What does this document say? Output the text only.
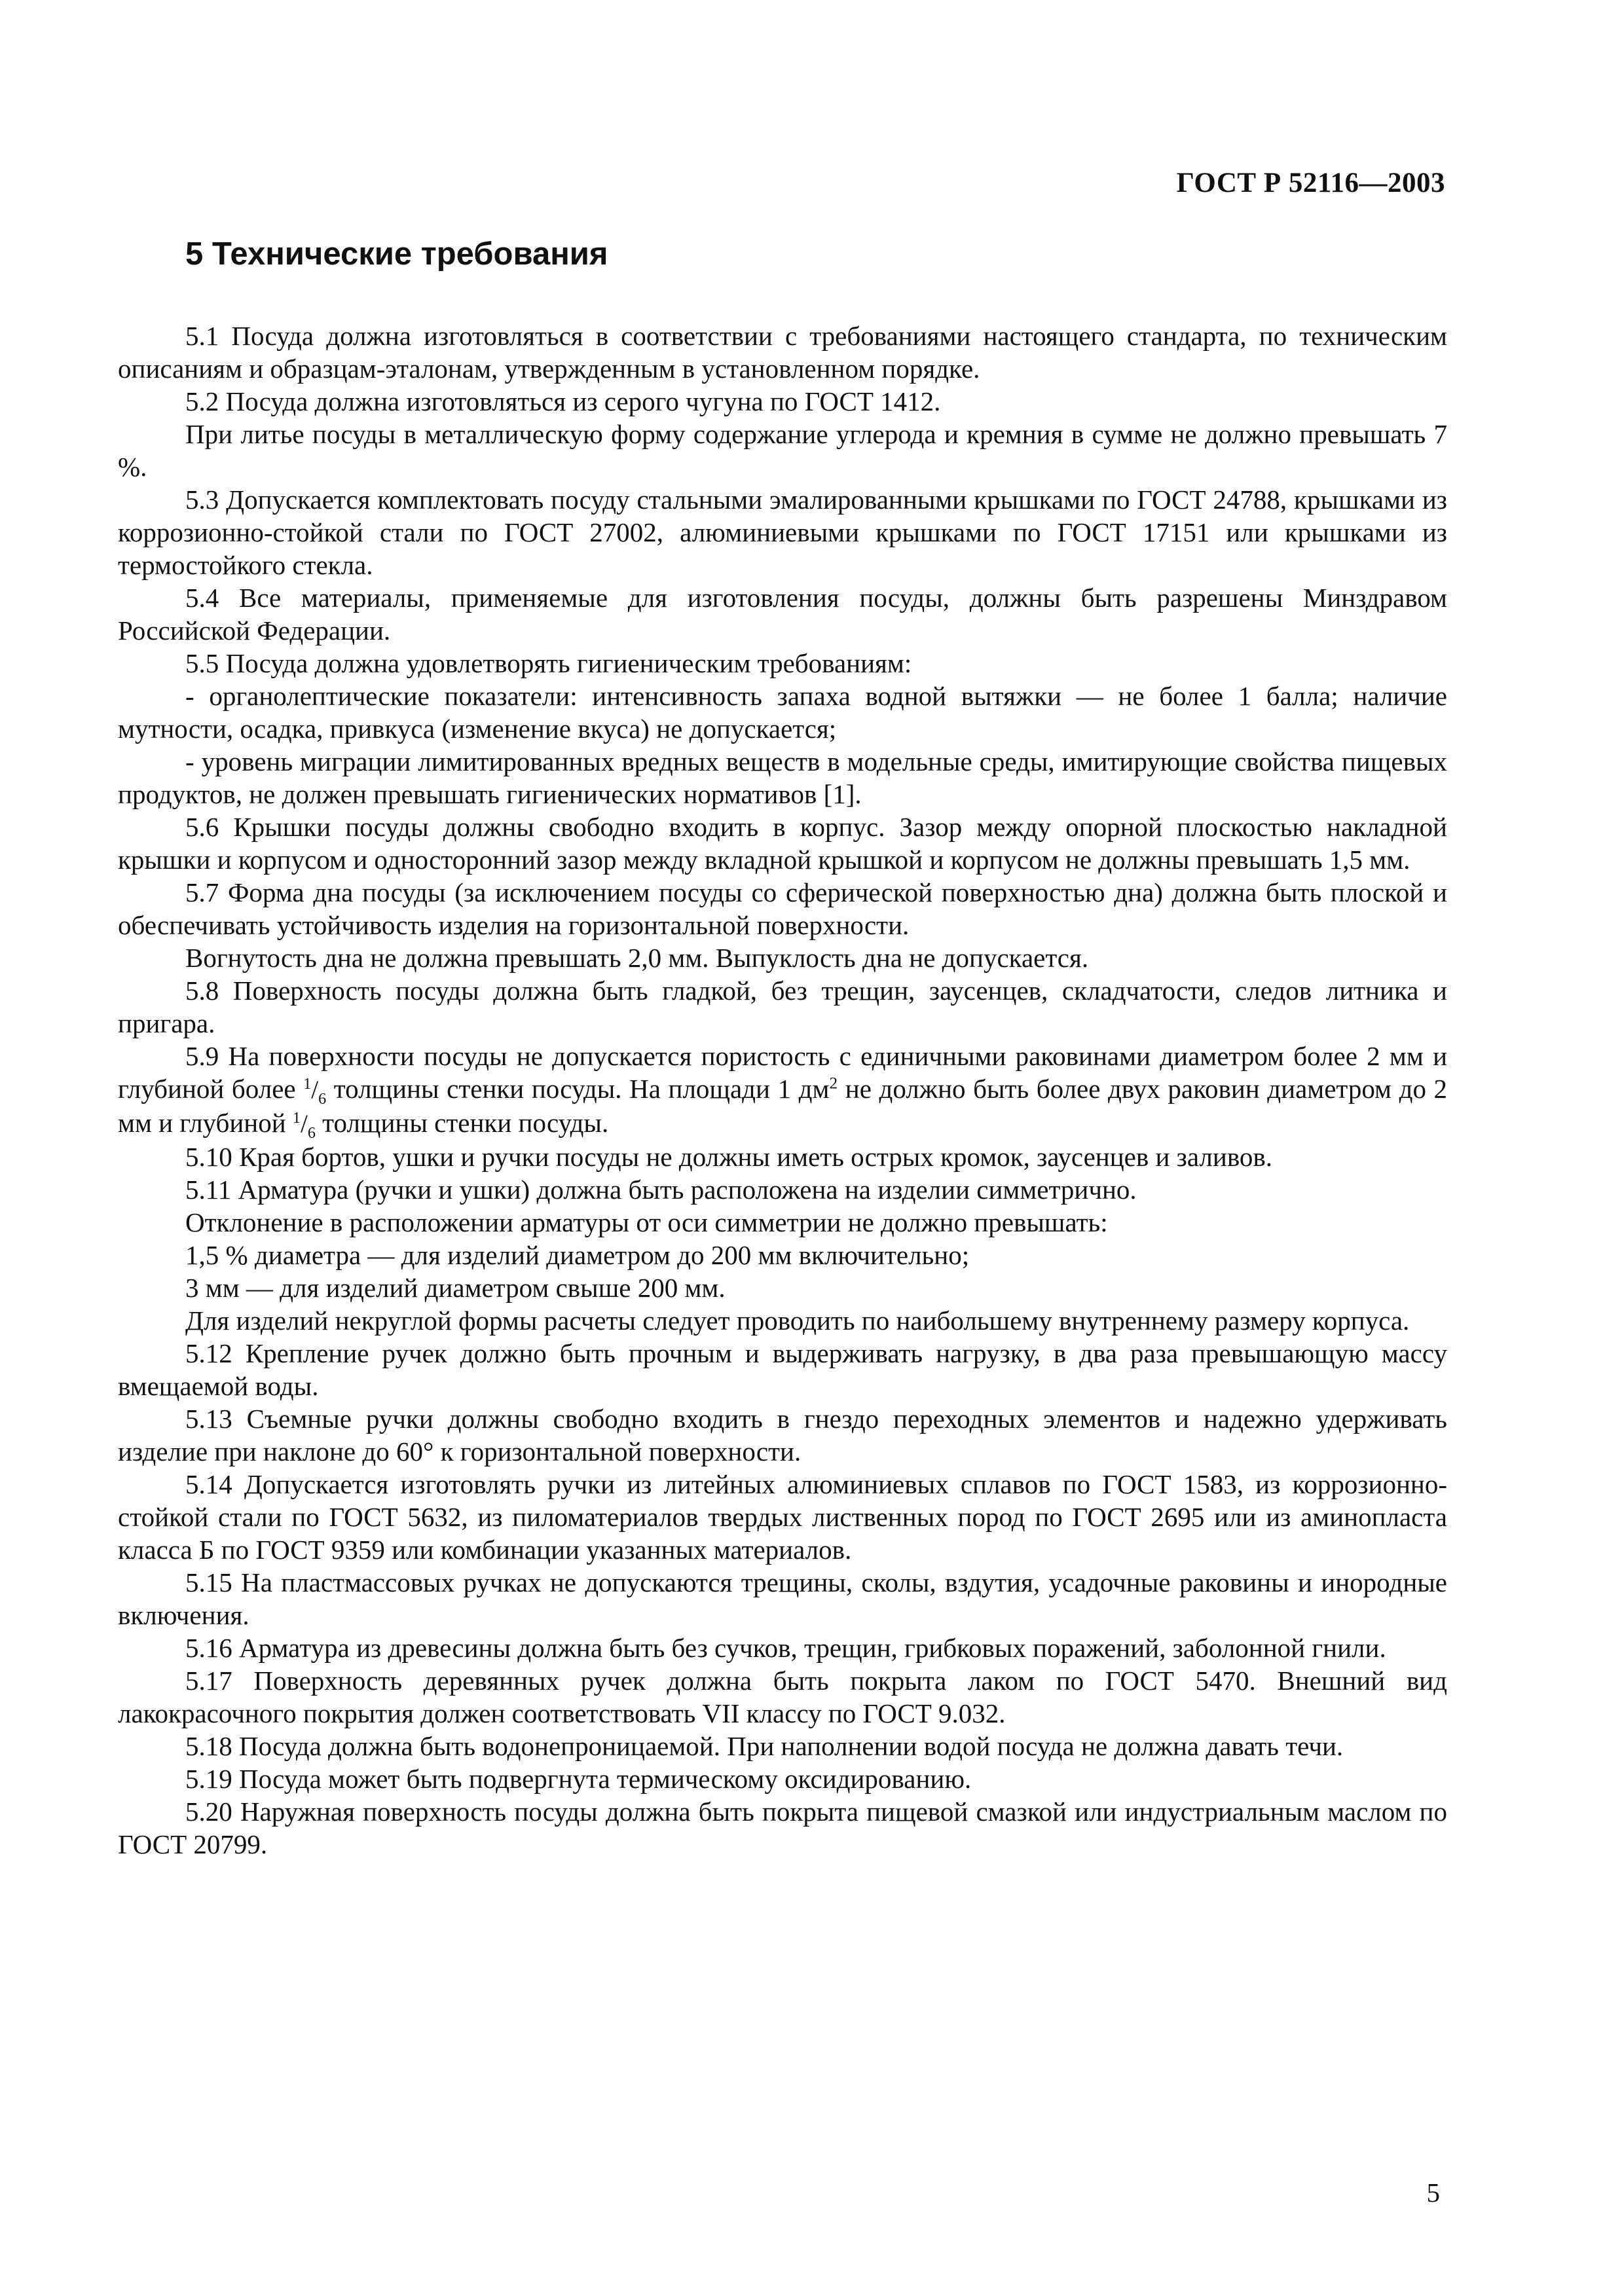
ГОСТ Р 52116—2003
5 Технические требования

5.1 Посуда должна изготовляться в соответствии с требованиями настоящего стандарта, по техническим описаниям и образцам-эталонам, утвержденным в установленном порядке.

5.2 Посуда должна изготовляться из серого чугуна по ГОСТ 1412.

При литье посуды в металлическую форму содержание углерода и кремния в сумме не должно превышать 7 %.

5.3 Допускается комплектовать посуду стальными эмалированными крышками по ГОСТ 24788, крышками из коррозионно-стойкой стали по ГОСТ 27002, алюминиевыми крышками по ГОСТ 17151 или крышками из термостойкого стекла.

5.4 Все материалы, применяемые для изготовления посуды, должны быть разрешены Минздравом Российской Федерации.

5.5 Посуда должна удовлетворять гигиеническим требованиям:

- органолептические показатели: интенсивность запаха водной вытяжки — не более 1 балла; наличие мутности, осадка, привкуса (изменение вкуса) не допускается;

- уровень миграции лимитированных вредных веществ в модельные среды, имитирующие свойства пищевых продуктов, не должен превышать гигиенических нормативов [1].

5.6 Крышки посуды должны свободно входить в корпус. Зазор между опорной плоскостью накладной крышки и корпусом и односторонний зазор между вкладной крышкой и корпусом не должны превышать 1,5 мм.

5.7 Форма дна посуды (за исключением посуды со сферической поверхностью дна) должна быть плоской и обеспечивать устойчивость изделия на горизонтальной поверхности.

Вогнутость дна не должна превышать 2,0 мм. Выпуклость дна не допускается.

5.8 Поверхность посуды должна быть гладкой, без трещин, заусенцев, складчатости, следов литника и пригара.

5.9 На поверхности посуды не допускается пористость с единичными раковинами диаметром более 2 мм и глубиной более $^1/_6$ толщины стенки посуды. На площади 1 $дм^2$ не должно быть более двух раковин диаметром до 2 мм и глубиной $^1/_6$ толщины стенки посуды.

5.10 Края бортов, ушки и ручки посуды не должны иметь острых кромок, заусенцев и заливов.

5.11 Арматура (ручки и ушки) должна быть расположена на изделии симметрично.

Отклонение в расположении арматуры от оси симметрии не должно превышать:

1,5 % диаметра — для изделий диаметром до 200 мм включительно;

3 мм — для изделий диаметром свыше 200 мм.

Для изделий некруглой формы расчеты следует проводить по наибольшему внутреннему размеру корпуса.

5.12 Крепление ручек должно быть прочным и выдерживать нагрузку, в два раза превышающую массу вмещаемой воды.

5.13 Съемные ручки должны свободно входить в гнездо переходных элементов и надежно удерживать изделие при наклоне до 60° к горизонтальной поверхности.

5.14 Допускается изготовлять ручки из литейных алюминиевых сплавов по ГОСТ 1583, из коррозионно-стойкой стали по ГОСТ 5632, из пиломатериалов твердых лиственных пород по ГОСТ 2695 или из аминопласта класса Б по ГОСТ 9359 или комбинации указанных материалов.

5.15 На пластмассовых ручках не допускаются трещины, сколы, вздутия, усадочные раковины и инородные включения.

5.16 Арматура из древесины должна быть без сучков, трещин, грибковых поражений, заболонной гнили.

5.17 Поверхность деревянных ручек должна быть покрыта лаком по ГОСТ 5470. Внешний вид лакокрасочного покрытия должен соответствовать VII классу по ГОСТ 9.032.

5.18 Посуда должна быть водонепроницаемой. При наполнении водой посуда не должна давать течи.

5.19 Посуда может быть подвергнута термическому оксидированию.

5.20 Наружная поверхность посуды должна быть покрыта пищевой смазкой или индустриальным маслом по ГОСТ 20799.

5
